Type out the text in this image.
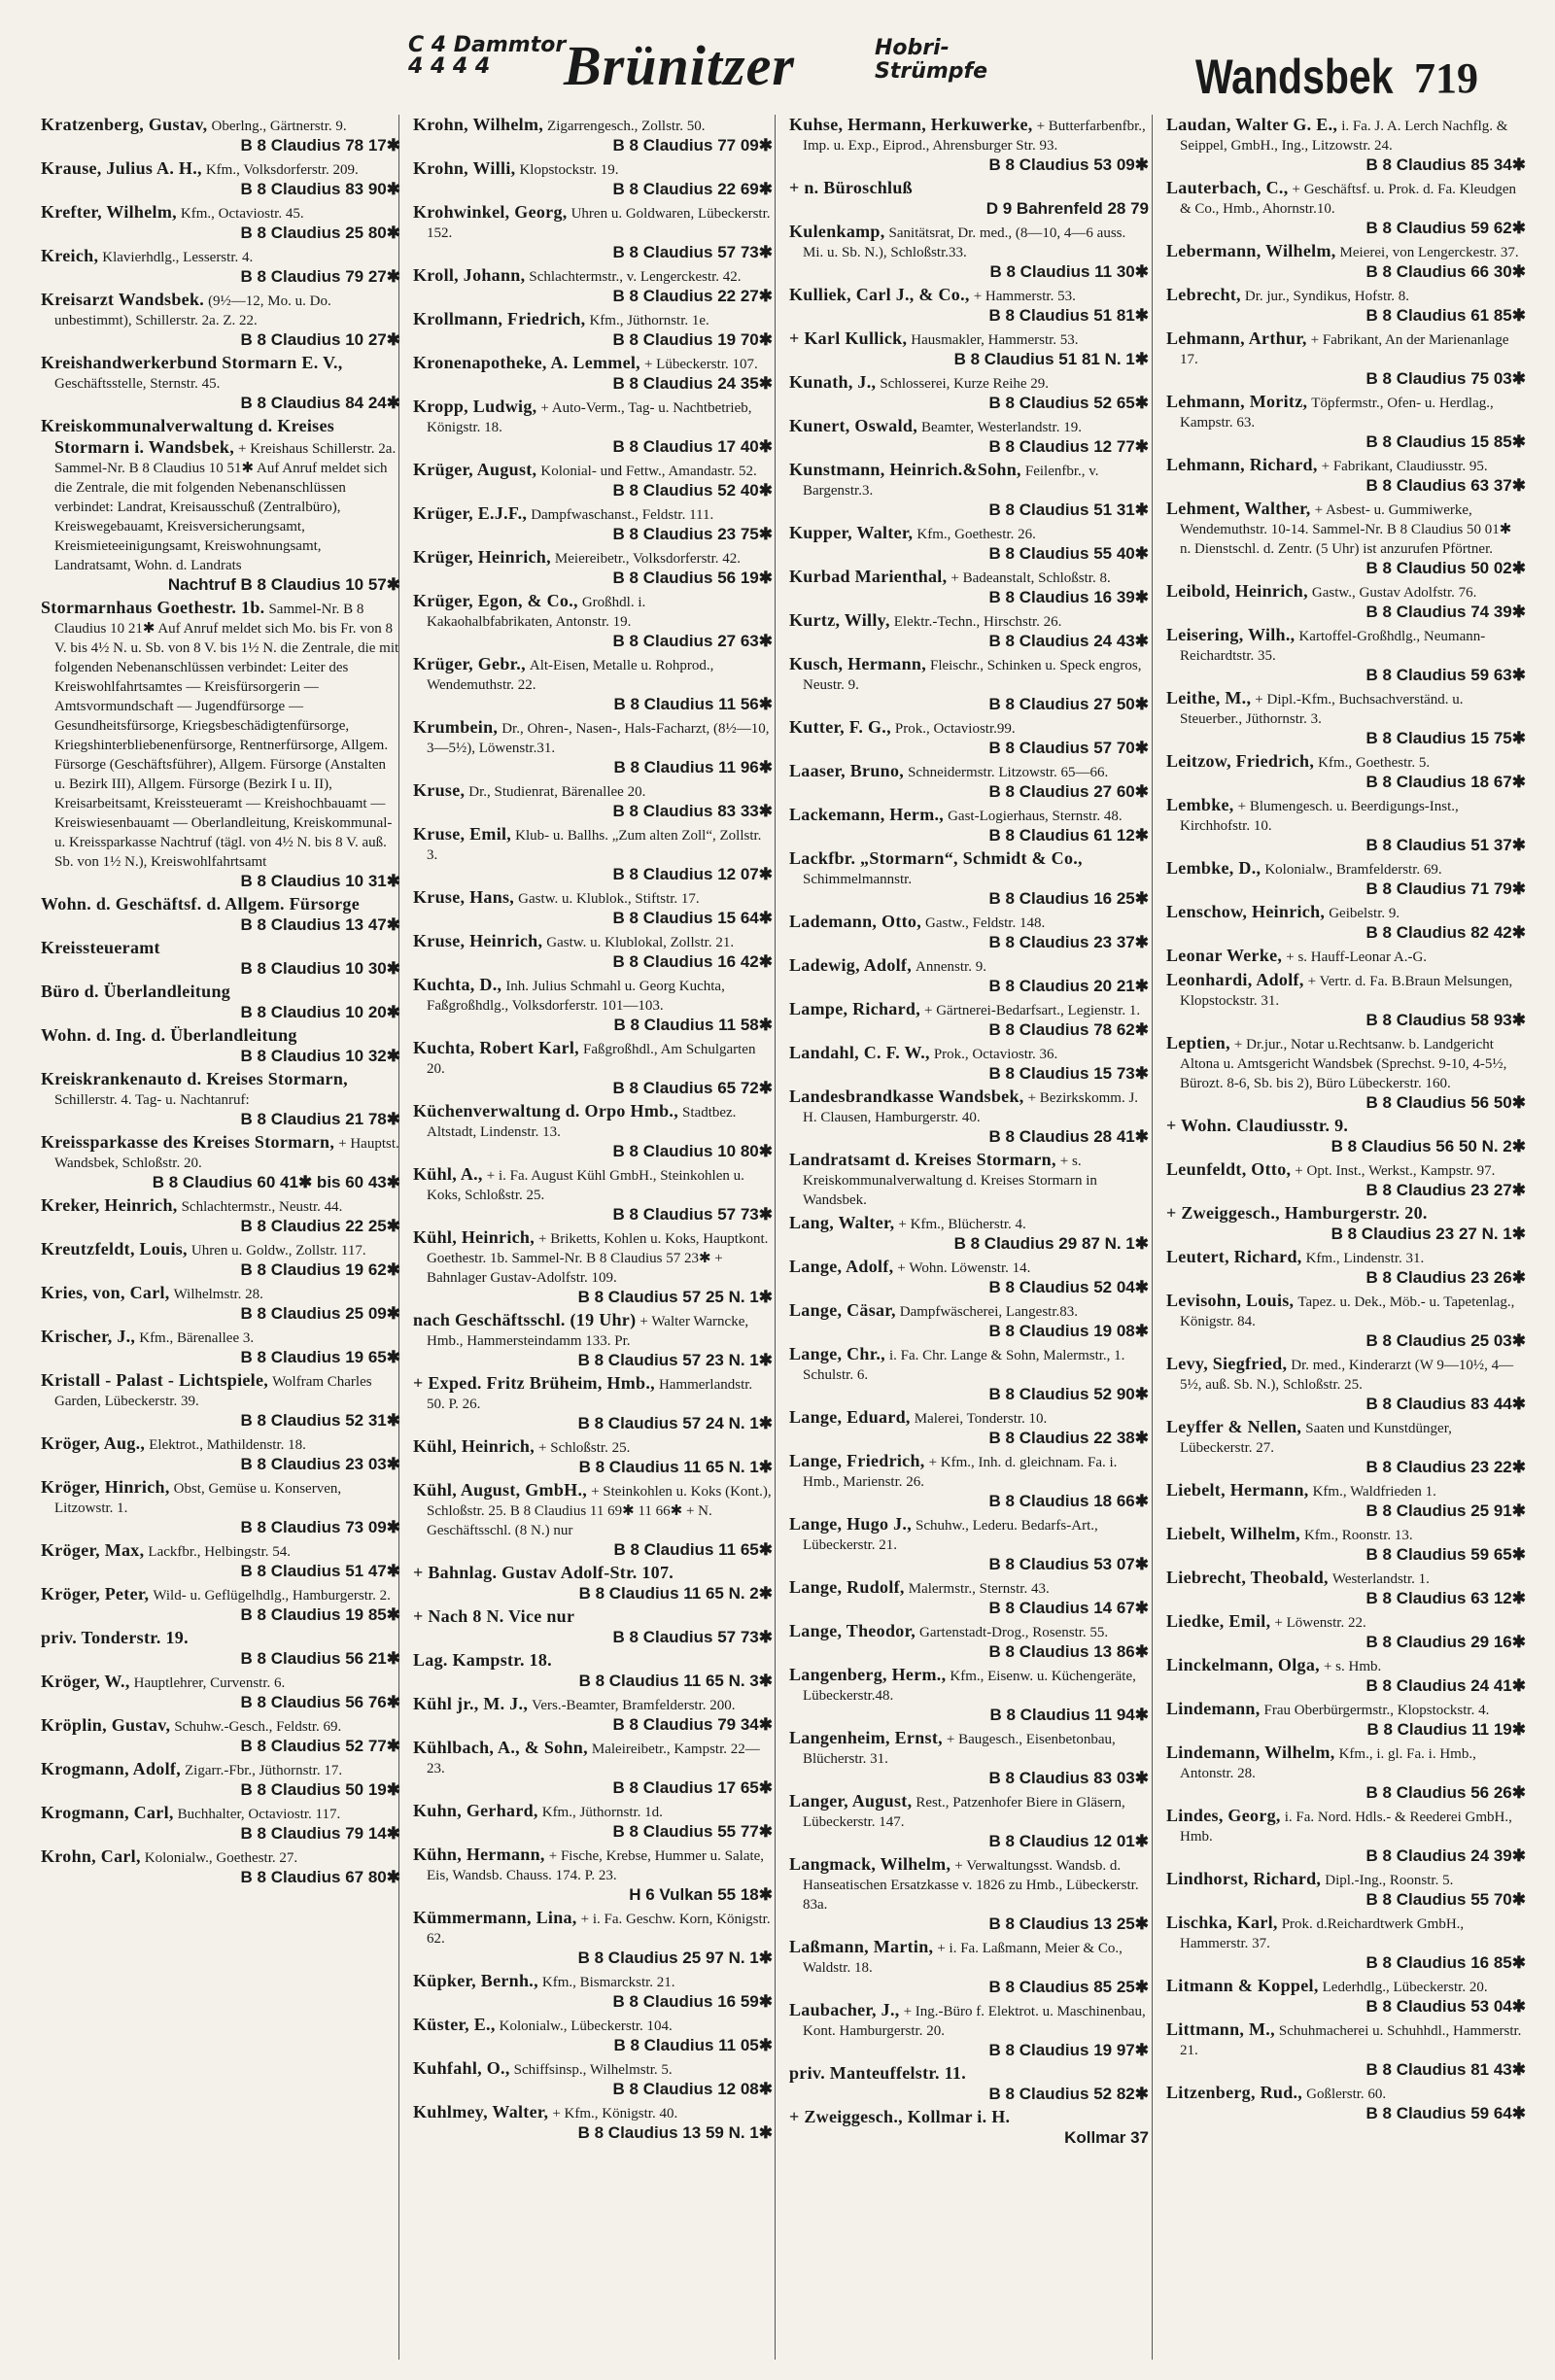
C 4 Dammtor
4 4 4 4	Brünitzer	Hobri-
Strümpfe	Wandsbek 719
Kratzenberg, Gustav, Oberlng., Gärtnerstr. 9.
B 8 Claudius 78 17✱
Krause, Julius A. H., Kfm., Volksdorferstr. 209.
B 8 Claudius 83 90✱
Krefter, Wilhelm, Kfm., Octaviostr. 45.
B 8 Claudius 25 80✱
Kreich, Klavierhdlg., Lesserstr. 4.
B 8 Claudius 79 27✱
Kreisarzt Wandsbek. (9½—12, Mo. u. Do. unbestimmt), Schillerstr. 2a. Z. 22.
B 8 Claudius 10 27✱
Kreishandwerkerbund Stormarn E. V., Geschäftsstelle, Sternstr. 45.
B 8 Claudius 84 24✱
Kreiskommunalverwaltung d. Kreises Stormarn i. Wandsbek, + Kreishaus Schillerstr. 2a. Sammel-Nr. B 8 Claudius 10 51✱ Auf Anruf meldet sich die Zentrale, die mit folgenden Nebenanschlüssen verbindet: Landrat, Kreisausschuß (Zentralbüro), Kreiswegebauamt, Kreisversicherungsamt, Kreismieteeinigungsamt, Kreiswohnungsamt, Landratsamt, Wohn. d. Landrats
Nachtruf B 8 Claudius 10 57✱
Stormarnhaus Goethestr. 1b. Sammel-Nr. B 8 Claudius 10 21✱ Auf Anruf meldet sich Mo. bis Fr. von 8 V. bis 4½ N. u. Sb. von 8 V. bis 1½ N. die Zentrale, die mit folgenden Nebenanschlüssen verbindet: Leiter des Kreiswohlfahrtsamtes — Kreisfürsorgerin — Amtsvormundschaft — Jugendfürsorge — Gesundheitsfürsorge, Kriegsbeschädigtenfürsorge, Kriegshinterbliebenenfürsorge, Rentnerfürsorge, Allgem. Fürsorge (Geschäftsführer), Allgem. Fürsorge (Anstalten u. Bezirk III), Allgem. Fürsorge (Bezirk I u. II), Kreisarbeitsamt, Kreissteueramt — Kreishochbauamt — Kreiswiesenbauamt — Oberlandleitung, Kreiskommunal- u. Kreissparkasse Nachtruf (tägl. von 4½ N. bis 8 V. auß. Sb. von 1½ N.), Kreiswohlfahrtsamt
B 8 Claudius 10 31✱
Wohn. d. Geschäftsf. d. Allgem. Fürsorge
B 8 Claudius 13 47✱
Kreissteueramt
B 8 Claudius 10 30✱
Büro d. Überlandleitung
B 8 Claudius 10 20✱
Wohn. d. Ing. d. Überlandleitung
B 8 Claudius 10 32✱
Kreiskrankenauto d. Kreises Stormarn, Schillerstr. 4. Tag- u. Nachtanruf:
B 8 Claudius 21 78✱
Kreissparkasse des Kreises Stormarn, + Hauptst. Wandsbek, Schloßstr. 20.
B 8 Claudius 60 41✱ bis 60 43✱
Kreker, Heinrich, Schlachtermstr., Neustr. 44.
B 8 Claudius 22 25✱
Kreutzfeldt, Louis, Uhren u. Goldw., Zollstr. 117.
B 8 Claudius 19 62✱
Kries, von, Carl, Wilhelmstr. 28.
B 8 Claudius 25 09✱
Krischer, J., Kfm., Bärenallee 3.
B 8 Claudius 19 65✱
Kristall - Palast - Lichtspiele, Wolfram Charles Garden, Lübeckerstr. 39.
B 8 Claudius 52 31✱
Kröger, Aug., Elektrot., Mathildenstr. 18.
B 8 Claudius 23 03✱
Kröger, Hinrich, Obst, Gemüse u. Konserven, Litzowstr. 1.
B 8 Claudius 73 09✱
Kröger, Max, Lackfbr., Helbingstr. 54.
B 8 Claudius 51 47✱
Kröger, Peter, Wild- u. Geflügelhdlg., Hamburgerstr. 2.
B 8 Claudius 19 85✱
priv. Tonderstr. 19.
B 8 Claudius 56 21✱
Kröger, W., Hauptlehrer, Curvenstr. 6.
B 8 Claudius 56 76✱
Kröplin, Gustav, Schuhw.-Gesch., Feldstr. 69.
B 8 Claudius 52 77✱
Krogmann, Adolf, Zigarr.-Fbr., Jüthornstr. 17.
B 8 Claudius 50 19✱
Krogmann, Carl, Buchhalter, Octaviostr. 117.
B 8 Claudius 79 14✱
Krohn, Carl, Kolonialw., Goethestr. 27.
B 8 Claudius 67 80✱
Krohn, Wilhelm, Zigarrengesch., Zollstr. 50.
B 8 Claudius 77 09✱
Krohn, Willi, Klopstockstr. 19.
B 8 Claudius 22 69✱
Krohwinkel, Georg, Uhren u. Goldwaren, Lübeckerstr. 152.
B 8 Claudius 57 73✱
Kroll, Johann, Schlachtermstr., v. Lengerckestr. 42.
B 8 Claudius 22 27✱
Krollmann, Friedrich, Kfm., Jüthornstr. 1e.
B 8 Claudius 19 70✱
Kronenapotheke, A. Lemmel, + Lübeckerstr. 107.
B 8 Claudius 24 35✱
Kropp, Ludwig, + Auto-Verm., Tag- u. Nachtbetrieb, Königstr. 18.
B 8 Claudius 17 40✱
Krüger, August, Kolonial- und Fettw., Amandastr. 52.
B 8 Claudius 52 40✱
Krüger, E.J.F., Dampfwaschanst., Feldstr. 111.
B 8 Claudius 23 75✱
Krüger, Heinrich, Meiereibetr., Volksdorferstr. 42.
B 8 Claudius 56 19✱
Krüger, Egon, & Co., Großhdl. i. Kakaohalbfabrikaten, Antonstr. 19.
B 8 Claudius 27 63✱
Krüger, Gebr., Alt-Eisen, Metalle u. Rohprod., Wendemuthstr. 22.
B 8 Claudius 11 56✱
Krumbein, Dr., Ohren-, Nasen-, Hals-Facharzt, (8½—10, 3—5½), Löwenstr.31.
B 8 Claudius 11 96✱
Kruse, Dr., Studienrat, Bärenallee 20.
B 8 Claudius 83 33✱
Kruse, Emil, Klub- u. Ballhs. „Zum alten Zoll“, Zollstr. 3.
B 8 Claudius 12 07✱
Kruse, Hans, Gastw. u. Klublok., Stiftstr. 17.
B 8 Claudius 15 64✱
Kruse, Heinrich, Gastw. u. Klublokal, Zollstr. 21.
B 8 Claudius 16 42✱
Kuchta, D., Inh. Julius Schmahl u. Georg Kuchta, Faßgroßhdlg., Volksdorferstr. 101—103.
B 8 Claudius 11 58✱
Kuchta, Robert Karl, Faßgroßhdl., Am Schulgarten 20.
B 8 Claudius 65 72✱
Küchenverwaltung d. Orpo Hmb., Stadtbez. Altstadt, Lindenstr. 13.
B 8 Claudius 10 80✱
Kühl, A., + i. Fa. August Kühl GmbH., Steinkohlen u. Koks, Schloßstr. 25.
B 8 Claudius 57 73✱
Kühl, Heinrich, + Briketts, Kohlen u. Koks, Hauptkont. Goethestr. 1b. Sammel-Nr. B 8 Claudius 57 23✱ + Bahnlager Gustav-Adolfstr. 109.
B 8 Claudius 57 25 N. 1✱
nach Geschäftsschl. (19 Uhr) + Walter Warncke, Hmb., Hammersteindamm 133. Pr.
B 8 Claudius 57 23 N. 1✱
+ Exped. Fritz Brüheim, Hmb., Hammerlandstr. 50. P. 26.
B 8 Claudius 57 24 N. 1✱
Kühl, Heinrich, + Schloßstr. 25.
B 8 Claudius 11 65 N. 1✱
Kühl, August, GmbH., + Steinkohlen u. Koks (Kont.), Schloßstr. 25. B 8 Claudius 11 69✱ 11 66✱ + N. Geschäftsschl. (8 N.) nur
B 8 Claudius 11 65✱
+ Bahnlag. Gustav Adolf-Str. 107.
B 8 Claudius 11 65 N. 2✱
+ Nach 8 N. Vice nur
B 8 Claudius 57 73✱
Lag. Kampstr. 18.
B 8 Claudius 11 65 N. 3✱
Kühl jr., M. J., Vers.-Beamter, Bramfelderstr. 200.
B 8 Claudius 79 34✱
Kühlbach, A., & Sohn, Maleireibetr., Kampstr. 22—23.
B 8 Claudius 17 65✱
Kuhn, Gerhard, Kfm., Jüthornstr. 1d.
B 8 Claudius 55 77✱
Kühn, Hermann, + Fische, Krebse, Hummer u. Salate, Eis, Wandsb. Chauss. 174. P. 23.
H 6 Vulkan 55 18✱
Kümmermann, Lina, + i. Fa. Geschw. Korn, Königstr. 62.
B 8 Claudius 25 97 N. 1✱
Küpker, Bernh., Kfm., Bismarckstr. 21.
B 8 Claudius 16 59✱
Küster, E., Kolonialw., Lübeckerstr. 104.
B 8 Claudius 11 05✱
Kuhfahl, O., Schiffsinsp., Wilhelmstr. 5.
B 8 Claudius 12 08✱
Kuhlmey, Walter, + Kfm., Königstr. 40.
B 8 Claudius 13 59 N. 1✱
Kuhse, Hermann, Herkuwerke, + Butterfarbenfbr., Imp. u. Exp., Eiprod., Ahrensburger Str. 93.
B 8 Claudius 53 09✱
+ n. Büroschluß
D 9 Bahrenfeld 28 79
Kulenkamp, Sanitätsrat, Dr. med., (8—10, 4—6 auss. Mi. u. Sb. N.), Schloßstr.33.
B 8 Claudius 11 30✱
Kulliek, Carl J., & Co., + Hammerstr. 53.
B 8 Claudius 51 81✱
+ Karl Kullick, Hausmakler, Hammerstr. 53.
B 8 Claudius 51 81 N. 1✱
Kunath, J., Schlosserei, Kurze Reihe 29.
B 8 Claudius 52 65✱
Kunert, Oswald, Beamter, Westerlandstr. 19.
B 8 Claudius 12 77✱
Kunstmann, Heinrich.&Sohn, Feilenfbr., v. Bargenstr.3.
B 8 Claudius 51 31✱
Kupper, Walter, Kfm., Goethestr. 26.
B 8 Claudius 55 40✱
Kurbad Marienthal, + Badeanstalt, Schloßstr. 8.
B 8 Claudius 16 39✱
Kurtz, Willy, Elektr.-Techn., Hirschstr. 26.
B 8 Claudius 24 43✱
Kusch, Hermann, Fleischr., Schinken u. Speck engros, Neustr. 9.
B 8 Claudius 27 50✱
Kutter, F. G., Prok., Octaviostr.99.
B 8 Claudius 57 70✱
Laaser, Bruno, Schneidermstr. Litzowstr. 65—66.
B 8 Claudius 27 60✱
Lackemann, Herm., Gast-Logierhaus, Sternstr. 48.
B 8 Claudius 61 12✱
Lackfbr. „Stormarn“, Schmidt & Co., Schimmelmannstr.
B 8 Claudius 16 25✱
Lademann, Otto, Gastw., Feldstr. 148.
B 8 Claudius 23 37✱
Ladewig, Adolf, Annenstr. 9.
B 8 Claudius 20 21✱
Lampe, Richard, + Gärtnerei-Bedarfsart., Legienstr. 1.
B 8 Claudius 78 62✱
Landahl, C. F. W., Prok., Octaviostr. 36.
B 8 Claudius 15 73✱
Landesbrandkasse Wandsbek, + Bezirkskomm. J. H. Clausen, Hamburgerstr. 40.
B 8 Claudius 28 41✱
Landratsamt d. Kreises Stormarn, + s. Kreiskommunalverwaltung d. Kreises Stormarn in Wandsbek.
Lang, Walter, + Kfm., Blücherstr. 4.
B 8 Claudius 29 87 N. 1✱
Lange, Adolf, + Wohn. Löwenstr. 14.
B 8 Claudius 52 04✱
Lange, Cäsar, Dampfwäscherei, Langestr.83.
B 8 Claudius 19 08✱
Lange, Chr., i. Fa. Chr. Lange & Sohn, Malermstr., 1. Schulstr. 6.
B 8 Claudius 52 90✱
Lange, Eduard, Malerei, Tonderstr. 10.
B 8 Claudius 22 38✱
Lange, Friedrich, + Kfm., Inh. d. gleichnam. Fa. i. Hmb., Marienstr. 26.
B 8 Claudius 18 66✱
Lange, Hugo J., Schuhw., Lederu. Bedarfs-Art., Lübeckerstr. 21.
B 8 Claudius 53 07✱
Lange, Rudolf, Malermstr., Sternstr. 43.
B 8 Claudius 14 67✱
Lange, Theodor, Gartenstadt-Drog., Rosenstr. 55.
B 8 Claudius 13 86✱
Langenberg, Herm., Kfm., Eisenw. u. Küchengeräte, Lübeckerstr.48.
B 8 Claudius 11 94✱
Langenheim, Ernst, + Baugesch., Eisenbetonbau, Blücherstr. 31.
B 8 Claudius 83 03✱
Langer, August, Rest., Patzenhofer Biere in Gläsern, Lübeckerstr. 147.
B 8 Claudius 12 01✱
Langmack, Wilhelm, + Verwaltungsst. Wandsb. d. Hanseatischen Ersatzkasse v. 1826 zu Hmb., Lübeckerstr. 83a.
B 8 Claudius 13 25✱
Laßmann, Martin, + i. Fa. Laßmann, Meier & Co., Waldstr. 18.
B 8 Claudius 85 25✱
Laubacher, J., + Ing.-Büro f. Elektrot. u. Maschinenbau, Kont. Hamburgerstr. 20.
B 8 Claudius 19 97✱
priv. Manteuffelstr. 11.
B 8 Claudius 52 82✱
+ Zweiggesch., Kollmar i. H.
Kollmar 37
Laudan, Walter G. E., i. Fa. J. A. Lerch Nachflg. & Seippel, GmbH., Ing., Litzowstr. 24.
B 8 Claudius 85 34✱
Lauterbach, C., + Geschäftsf. u. Prok. d. Fa. Kleudgen & Co., Hmb., Ahornstr.10.
B 8 Claudius 59 62✱
Lebermann, Wilhelm, Meierei, von Lengerckestr. 37.
B 8 Claudius 66 30✱
Lebrecht, Dr. jur., Syndikus, Hofstr. 8.
B 8 Claudius 61 85✱
Lehmann, Arthur, + Fabrikant, An der Marienanlage 17.
B 8 Claudius 75 03✱
Lehmann, Moritz, Töpfermstr., Ofen- u. Herdlag., Kampstr. 63.
B 8 Claudius 15 85✱
Lehmann, Richard, + Fabrikant, Claudiusstr. 95.
B 8 Claudius 63 37✱
Lehment, Walther, + Asbest- u. Gummiwerke, Wendemuthstr. 10-14. Sammel-Nr. B 8 Claudius 50 01✱ n. Dienstschl. d. Zentr. (5 Uhr) ist anzurufen Pförtner.
B 8 Claudius 50 02✱
Leibold, Heinrich, Gastw., Gustav Adolfstr. 76.
B 8 Claudius 74 39✱
Leisering, Wilh., Kartoffel-Großhdlg., Neumann-Reichardtstr. 35.
B 8 Claudius 59 63✱
Leithe, M., + Dipl.-Kfm., Buchsachverständ. u. Steuerber., Jüthornstr. 3.
B 8 Claudius 15 75✱
Leitzow, Friedrich, Kfm., Goethestr. 5.
B 8 Claudius 18 67✱
Lembke, + Blumengesch. u. Beerdigungs-Inst., Kirchhofstr. 10.
B 8 Claudius 51 37✱
Lembke, D., Kolonialw., Bramfelderstr. 69.
B 8 Claudius 71 79✱
Lenschow, Heinrich, Geibelstr. 9.
B 8 Claudius 82 42✱
Leonar Werke, + s. Hauff-Leonar A.-G.
Leonhardi, Adolf, + Vertr. d. Fa. B.Braun Melsungen, Klopstockstr. 31.
B 8 Claudius 58 93✱
Leptien, + Dr.jur., Notar u.Rechtsanw. b. Landgericht Altona u. Amtsgericht Wandsbek (Sprechst. 9-10, 4-5½, Bürozt. 8-6, Sb. bis 2), Büro Lübeckerstr. 160.
B 8 Claudius 56 50✱
+ Wohn. Claudiusstr. 9.
B 8 Claudius 56 50 N. 2✱
Leunfeldt, Otto, + Opt. Inst., Werkst., Kampstr. 97.
B 8 Claudius 23 27✱
+ Zweiggesch., Hamburgerstr. 20.
B 8 Claudius 23 27 N. 1✱
Leutert, Richard, Kfm., Lindenstr. 31.
B 8 Claudius 23 26✱
Levisohn, Louis, Tapez. u. Dek., Möb.- u. Tapetenlag., Königstr. 84.
B 8 Claudius 25 03✱
Levy, Siegfried, Dr. med., Kinderarzt (W 9—10½, 4—5½, auß. Sb. N.), Schloßstr. 25.
B 8 Claudius 83 44✱
Leyffer & Nellen, Saaten und Kunstdünger, Lübeckerstr. 27.
B 8 Claudius 23 22✱
Liebelt, Hermann, Kfm., Waldfrieden 1.
B 8 Claudius 25 91✱
Liebelt, Wilhelm, Kfm., Roonstr. 13.
B 8 Claudius 59 65✱
Liebrecht, Theobald, Westerlandstr. 1.
B 8 Claudius 63 12✱
Liedke, Emil, + Löwenstr. 22.
B 8 Claudius 29 16✱
Linckelmann, Olga, + s. Hmb.
B 8 Claudius 24 41✱
Lindemann, Frau Oberbürgermstr., Klopstockstr. 4.
B 8 Claudius 11 19✱
Lindemann, Wilhelm, Kfm., i. gl. Fa. i. Hmb., Antonstr. 28.
B 8 Claudius 56 26✱
Lindes, Georg, i. Fa. Nord. Hdls.- & Reederei GmbH., Hmb.
B 8 Claudius 24 39✱
Lindhorst, Richard, Dipl.-Ing., Roonstr. 5.
B 8 Claudius 55 70✱
Lischka, Karl, Prok. d.Reichardtwerk GmbH., Hammerstr. 37.
B 8 Claudius 16 85✱
Litmann & Koppel, Lederhdlg., Lübeckerstr. 20.
B 8 Claudius 53 04✱
Littmann, M., Schuhmacherei u. Schuhhdl., Hammerstr. 21.
B 8 Claudius 81 43✱
Litzenberg, Rud., Goßlerstr. 60.
B 8 Claudius 59 64✱
